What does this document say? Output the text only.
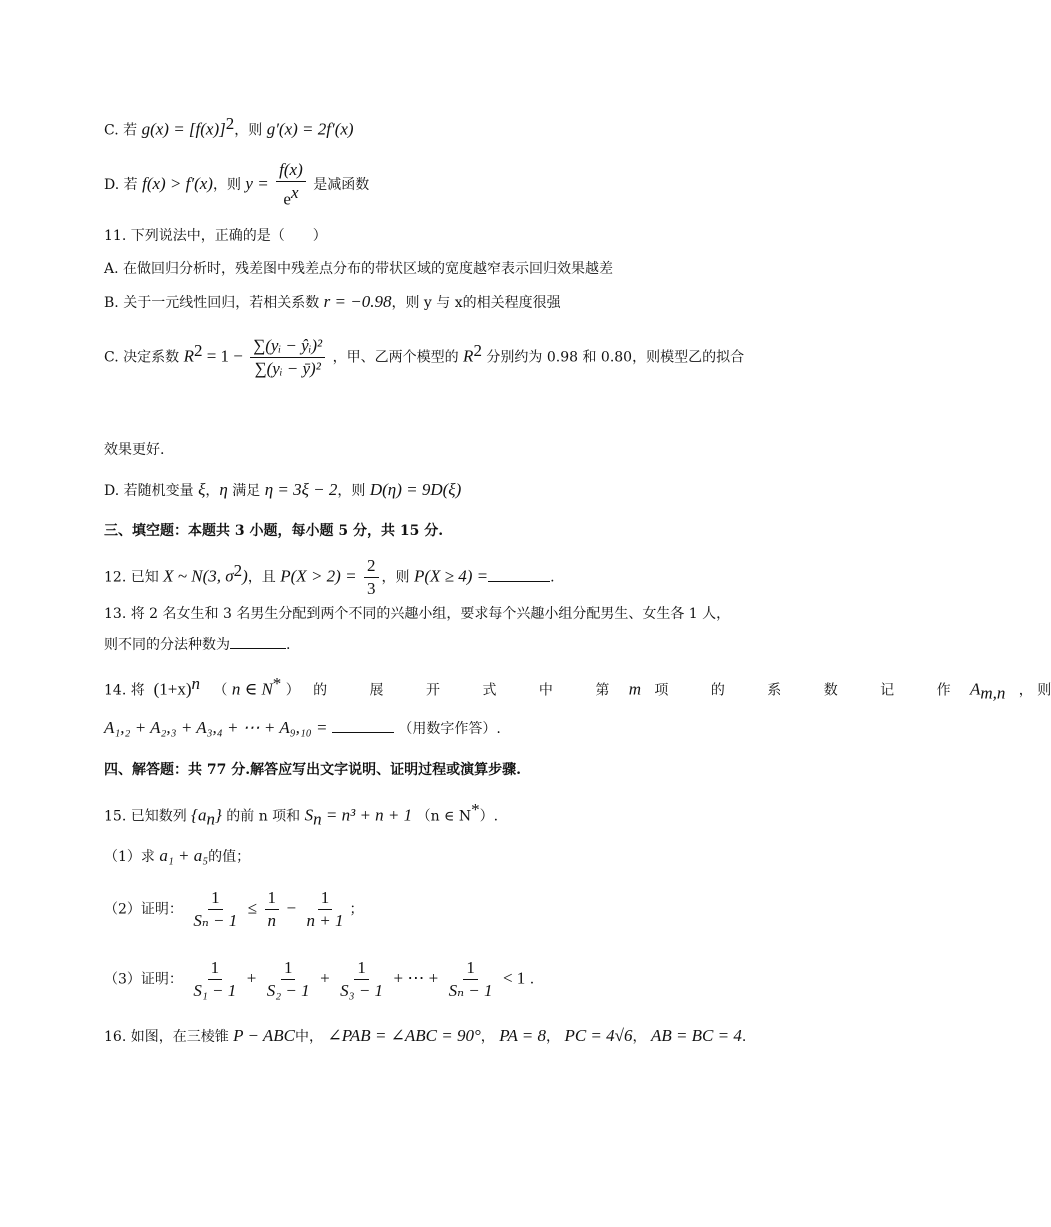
C. 若 $g(x) = [f(x)]^2$，则 g′(x) = 2f′(x)
D. 若 f(x) > f′(x)，则 $y = \frac{f(x)}{e^x}$ 是减函数
11. 下列说法中，正确的是（　　）
A. 在做回归分析时，残差图中残差点分布的带状区域的宽度越窄表示回归效果越差
B. 关于一元线性回归，若相关系数 r = −0.98，则 y 与 x的相关程度很强
C. 决定系数 $R^2 = 1 - \frac{\text{∑(yᵢ − ŷᵢ)²}}{\text{∑(yᵢ − ȳ)²}}$ ，甲、乙两个模型的 $R^2$ 分别约为 0.98 和 0.80，则模型乙的拟合
效果更好.
D. 若随机变量 ξ，η 满足 η = 3ξ − 2，则 D(η) = 9D(ξ)
三、填空题：本题共 3 小题，每小题 5 分，共 15 分.
12. 已知 X ~ N(3, $\sigma^2$)，且 $P(X > 2) = \frac{2}{3}$ ，则 P(X ≥ 4) =	.
13. 将 2 名女生和 3 名男生分配到两个不同的兴趣小组，要求每个兴趣小组分配男生、女生各 1 人，
则不同的分法种数为	.
14. 将 $(1+x)^n$ （ n ∈ N* ） 的 展 开 式 中 第 m 项 的 系 数 记 作 $A_{m,n}$ ， 则
A₁,₂ + A₂,₃ + A₃,₄ + ⋯ + A₉,₁₀ =	（用数字作答）.
四、解答题：共 77 分.解答应写出文字说明、证明过程或演算步骤.
15. 已知数列 $\{a_n\}$ 的前 n 项和 $S_n = n^3 + n + 1$ （n ∈ N*）.
（1）求 a₁ + a₅的值；
（2）证明： $\frac{1}{\text{Sₙ − 1}} \le \frac{1}{n} - \frac{1}{n + 1}$ ；
（3）证明： $\frac{1}{\text{S₁ − 1}} + \frac{1}{\text{S₂ − 1}} + \frac{1}{\text{S₃ − 1}}$ + ⋯ + $\frac{1}{\text{Sₙ − 1}} < 1$ .
16. 如图，在三棱锥 P − ABC中， ∠PAB = ∠ABC = 90°， PA = 8， PC = 4√6， AB = BC = 4.
